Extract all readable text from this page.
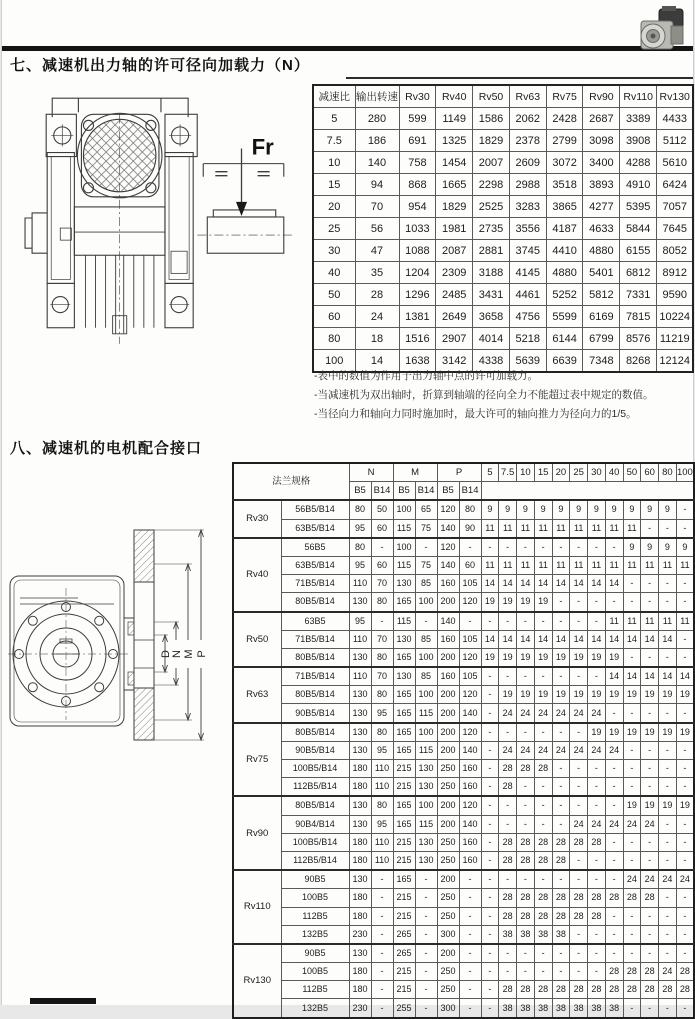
七、减速机出力轴的许可径向加载力（N）
Fr
减速比	输出转速	Rv30	Rv40	Rv50	Rv63	Rv75	Rv90	Rv110	Rv130
5	280	599	1149	1586	2062	2428	2687	3389	4433
7.5	186	691	1325	1829	2378	2799	3098	3908	5112
10	140	758	1454	2007	2609	3072	3400	4288	5610
15	94	868	1665	2298	2988	3518	3893	4910	6424
20	70	954	1829	2525	3283	3865	4277	5395	7057
25	56	1033	1981	2735	3556	4187	4633	5844	7645
30	47	1088	2087	2881	3745	4410	4880	6155	8052
40	35	1204	2309	3188	4145	4880	5401	6812	8912
50	28	1296	2485	3431	4461	5252	5812	7331	9590
60	24	1381	2649	3658	4756	5599	6169	7815	10224
80	18	1516	2907	4014	5218	6144	6799	8576	11219
100	14	1638	3142	4338	5639	6639	7348	8268	12124
-表中的数值为作用于出力轴中点的许可加载力。
-当减速机为双出轴时，折算到轴端的径向全力不能超过表中规定的数值。
-当径向力和轴向力同时施加时，最大许可的轴向推力为径向力的1/5。
八、减速机的电机配合接口
D N M P
法兰规格		N		M		P		5	7.5	10	15	20	25	30	40	50	60	80	100
		B5	B14	B5	B14	B5	B14												
Rv30	56B5/B14	80	50	100	65	120	80	9	9	9	9	9	9	9	9	9	9	9	-
	63B5/B14	95	60	115	75	140	90	11	11	11	11	11	11	11	11	11	-	-	-
Rv40	56B5	80	-	100	-	120	-	-	-	-	-	-	-	-	-	9	9	9	9
	63B5/B14	95	60	115	75	140	60	11	11	11	11	11	11	11	11	11	11	11	11
	71B5/B14	110	70	130	85	160	105	14	14	14	14	14	14	14	14	-	-	-	-
	80B5/B14	130	80	165	100	200	120	19	19	19	19	-	-	-	-	-	-	-	-
Rv50	63B5	95	-	115	-	140	-	-	-	-	-	-	-	-	11	11	11	11	11
	71B5/B14	110	70	130	85	160	105	14	14	14	14	14	14	14	14	14	14	14	-
	80B5/B14	130	80	165	100	200	120	19	19	19	19	19	19	19	19	-	-	-	-
Rv63	71B5/B14	110	70	130	85	160	105	-	-	-	-	-	-	-	14	14	14	14	14
	80B5/B14	130	80	165	100	200	120	-	19	19	19	19	19	19	19	19	19	19	19
	90B5/B14	130	95	165	115	200	140	-	24	24	24	24	24	24	-	-	-	-	-
Rv75	80B5/B14	130	80	165	100	200	120	-	-	-	-	-	-	19	19	19	19	19	19
	90B5/B14	130	95	165	115	200	140	-	24	24	24	24	24	24	24	-	-	-	-
	100B5/B14	180	110	215	130	250	160	-	28	28	28	-	-	-	-	-	-	-	-
	112B5/B14	180	110	215	130	250	160	-	28	-	-	-	-	-	-	-	-	-	-
Rv90	80B5/B14	130	80	165	100	200	120	-	-	-	-	-	-	-	-	19	19	19	19
	90B4/B14	130	95	165	115	200	140	-	-	-	-	-	24	24	24	24	24	-	-
	100B5/B14	180	110	215	130	250	160	-	28	28	28	28	28	28	-	-	-	-	-
	112B5/B14	180	110	215	130	250	160	-	28	28	28	28	-	-	-	-	-	-	-
Rv110	90B5	130	-	165	-	200	-	-	-	-	-	-	-	-	-	24	24	24	24
	100B5	180	-	215	-	250	-	-	28	28	28	28	28	28	28	28	28	-	-
	112B5	180	-	215	-	250	-	-	28	28	28	28	28	28	-	-	-	-	-
	132B5	230	-	265	-	300	-	-	38	38	38	38	-	-	-	-	-	-	-
Rv130	90B5	130	-	265	-	200	-	-	-	-	-	-	-	-	-	-	-	-	-
	100B5	180	-	215	-	250	-	-	-	-	-	-	-	-	28	28	28	24	28
	112B5	180	-	215	-	250	-	-	28	28	28	28	28	28	28	28	28	28	28
	132B5	230	-	255	-	300	-	-	38	38	38	38	38	38	38	-	-	-	-
